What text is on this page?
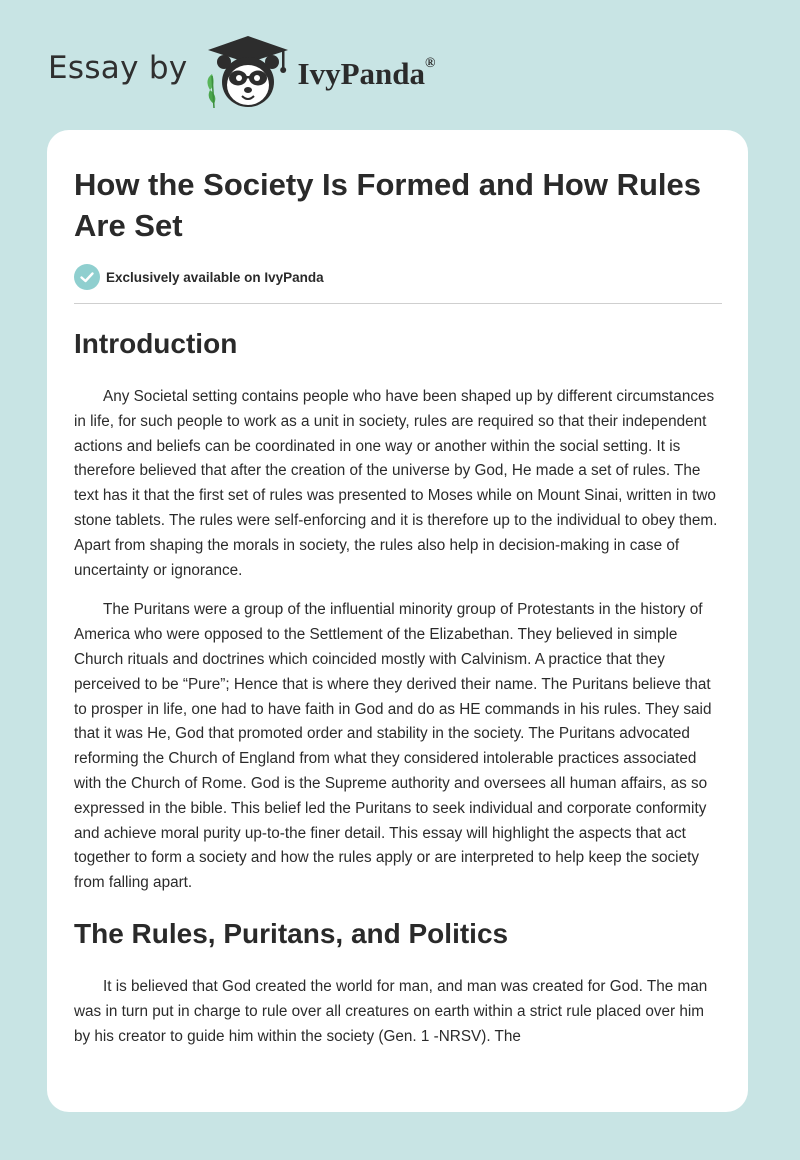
Essay by	IvyPanda®
How the Society Is Formed and How Rules Are Set
Exclusively available on IvyPanda
Introduction

Any Societal setting contains people who have been shaped up by different circumstances in life, for such people to work as a unit in society, rules are required so that their independent actions and beliefs can be coordinated in one way or another within the social setting. It is therefore believed that after the creation of the universe by God, He made a set of rules. The text has it that the first set of rules was presented to Moses while on Mount Sinai, written in two stone tablets. The rules were self-enforcing and it is therefore up to the individual to obey them. Apart from shaping the morals in society, the rules also help in decision-making in case of uncertainty or ignorance.

The Puritans were a group of the influential minority group of Protestants in the history of America who were opposed to the Settlement of the Elizabethan. They believed in simple Church rituals and doctrines which coincided mostly with Calvinism. A practice that they perceived to be “Pure”; Hence that is where they derived their name. The Puritans believe that to prosper in life, one had to have faith in God and do as HE commands in his rules. They said that it was He, God that promoted order and stability in the society. The Puritans advocated reforming the Church of England from what they considered intolerable practices associated with the Church of Rome. God is the Supreme authority and oversees all human affairs, as so expressed in the bible. This belief led the Puritans to seek individual and corporate conformity and achieve moral purity up-to-the finer detail. This essay will highlight the aspects that act together to form a society and how the rules apply or are interpreted to help keep the society from falling apart.

The Rules, Puritans, and Politics

It is believed that God created the world for man, and man was created for God. The man was in turn put in charge to rule over all creatures on earth within a strict rule placed over him by his creator to guide him within the society (Gen. 1 -NRSV). The
